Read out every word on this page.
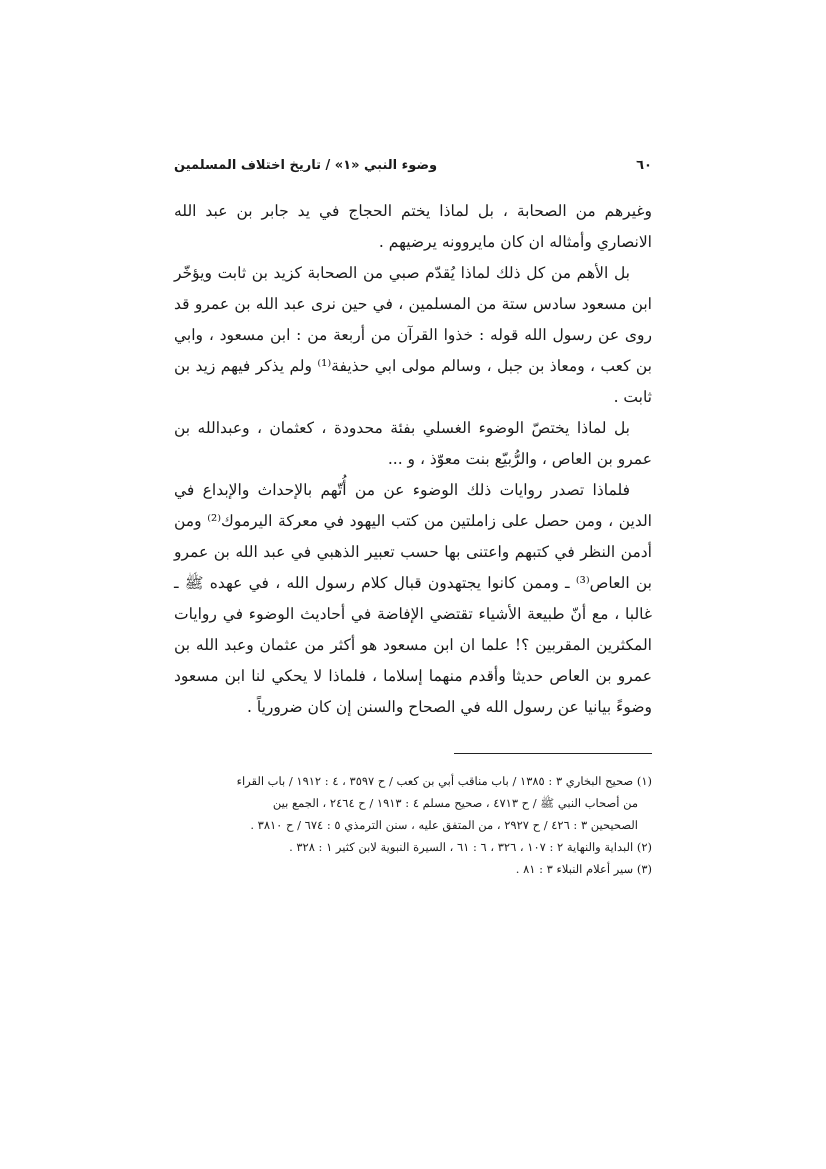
٦٠
وضوء النبي «١» / تاريخ اختلاف المسلمين

وغيرهم من الصحابة ، بل لماذا يختم الحجاج في يد جابر بن عبد الله الانصاري وأمثاله ان كان مايروونه يرضيهم .

بل الأهم من كل ذلك لماذا يُقدّم صبي من الصحابة كزيد بن ثابت ويؤخّر ابن مسعود سادس ستة من المسلمين ، في حين نرى عبد الله بن عمرو قد روى عن رسول الله قوله : خذوا القرآن من أربعة من : ابن مسعود ، وابي بن كعب ، ومعاذ بن جبل ، وسالم مولى ابي حذيفة⁽¹⁾ ولم يذكر فيهم زيد بن ثابت .

بل لماذا يختصّ الوضوء الغسلي بفئة محدودة ، كعثمان ، وعبدالله بن عمرو بن العاص ، والرُّبيّع بنت معوّذ ، و ...

فلماذا تصدر روايات ذلك الوضوء عن من أُتّهم بالإحداث والإبداع في الدين ، ومن حصل على زاملتين من كتب اليهود في معركة اليرموك⁽²⁾ ومن أدمن النظر في كتبهم واعتنى بها حسب تعبير الذهبي في عبد الله بن عمرو بن العاص⁽³⁾ ـ وممن كانوا يجتهدون قبال كلام رسول الله ، في عهده ﷺ ـ غالبا ، مع أنّ طبيعة الأشياء تقتضي الإفاضة في أحاديث الوضوء في روايات المكثرين المقربين ؟! علما ان ابن مسعود هو أكثر من عثمان وعبد الله بن عمرو بن العاص حديثا وأقدم منهما إسلاما ، فلماذا لا يحكي لنا ابن مسعود وضوءً بيانيا عن رسول الله في الصحاح والسنن إن كان ضرورياً .

(١) صحيح البخاري ٣ : ١٣٨٥ / باب مناقب أبي بن كعب / ح ٣٥٩٧ ، ٤ : ١٩١٢ / باب القراء

من أصحاب النبي ﷺ / ح ٤٧١٣ ، صحيح مسلم ٤ : ١٩١٣ / ح ٢٤٦٤ ، الجمع بين

الصحيحين ٣ : ٤٢٦ / ح ٢٩٢٧ ، من المتفق عليه ، سنن الترمذي ٥ : ٦٧٤ / ح ٣٨١٠ .

(٢) البداية والنهاية ٢ : ١٠٧ ، ٣٢٦ ، ٦ : ٦١ ، السيرة النبوية لابن كثير ١ : ٣٢٨ .

(٣) سير أعلام النبلاء ٣ : ٨١ .
